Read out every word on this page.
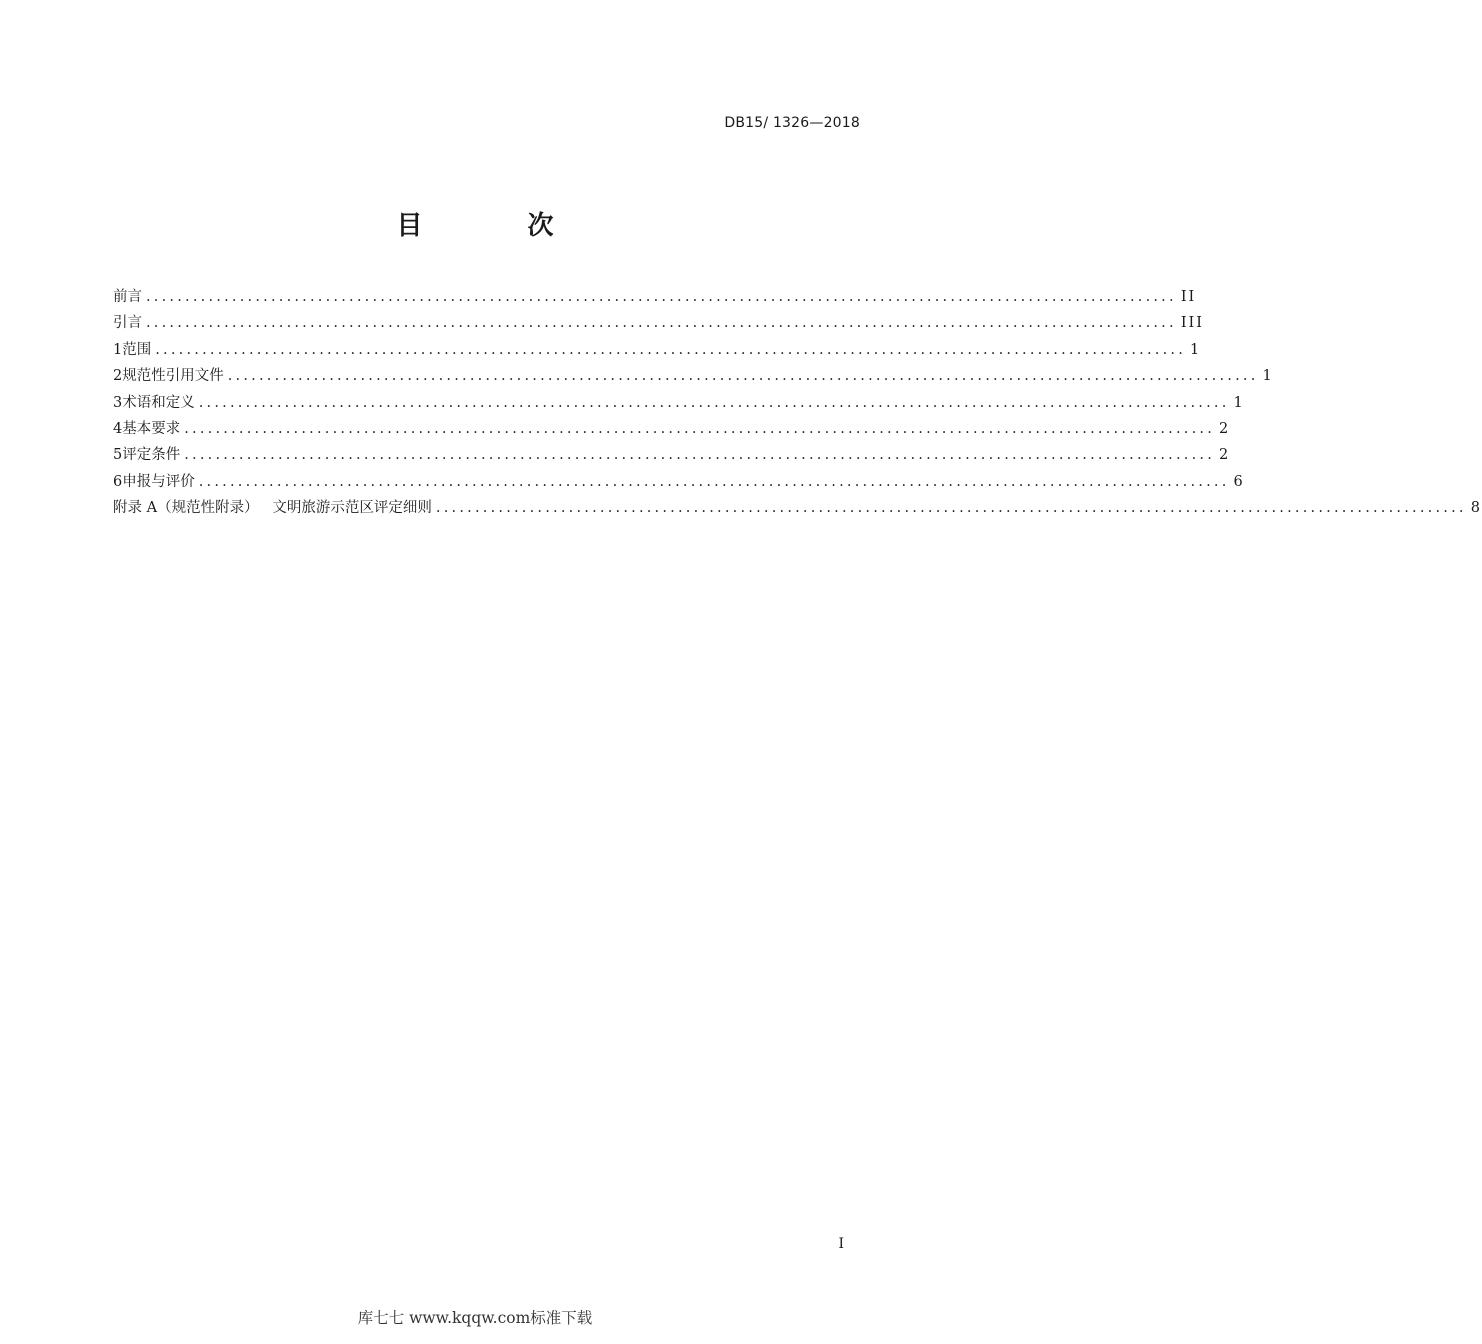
DB15/ 1326—2018
目 次
前言 .................................................................................................................................... II
引言 .................................................................................................................................... III
1 范围 .................................................................................................................................... 1
2 规范性引用文件 .................................................................................................................................... 1
3 术语和定义 .................................................................................................................................... 1
4 基本要求 .................................................................................................................................... 2
5 评定条件 .................................................................................................................................... 2
6 申报与评价 .................................................................................................................................... 6
附录 A（规范性附录）   文明旅游示范区评定细则 .................................................................................................................................... 8
I
库七七 www.kqqw.com标准下载
